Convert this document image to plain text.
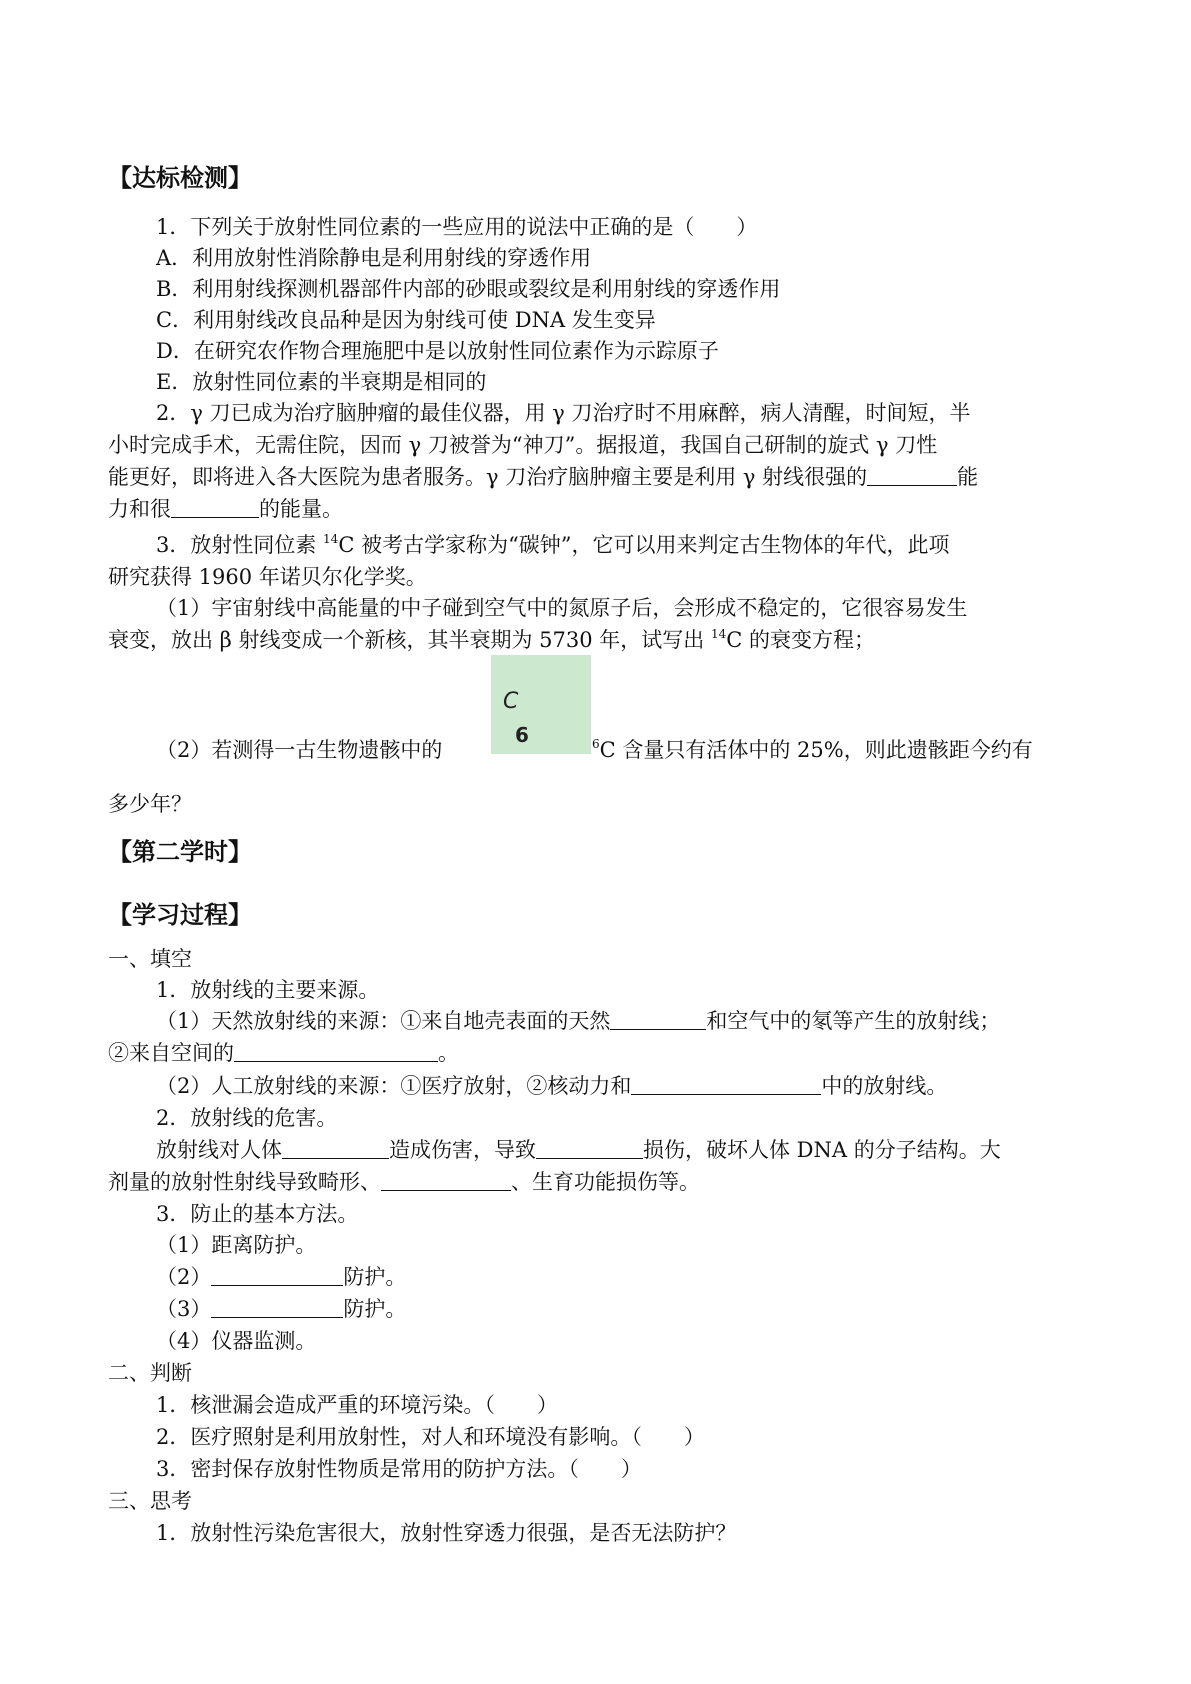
【达标检测】
1．下列关于放射性同位素的一些应用的说法中正确的是（　　）
A．利用放射性消除静电是利用射线的穿透作用
B．利用射线探测机器部件内部的砂眼或裂纹是利用射线的穿透作用
C．利用射线改良品种是因为射线可使 DNA 发生变异
D．在研究农作物合理施肥中是以放射性同位素作为示踪原子
E．放射性同位素的半衰期是相同的
2．γ 刀已成为治疗脑肿瘤的最佳仪器，用 γ 刀治疗时不用麻醉，病人清醒，时间短，半
小时完成手术，无需住院，因而 γ 刀被誉为“神刀”。据报道，我国自己研制的旋式 γ 刀性
能更好，即将进入各大医院为患者服务。γ 刀治疗脑肿瘤主要是利用 γ 射线很强的	能
力和很	的能量。
3．放射性同位素 $^{14}$C 被考古学家称为“碳钟”，它可以用来判定古生物体的年代，此项
研究获得 1960 年诺贝尔化学奖。
（1）宇宙射线中高能量的中子碰到空气中的氮原子后，会形成不稳定的，它很容易发生
衰变，放出 β 射线变成一个新核，其半衰期为 5730 年，试写出 $^{14}$C 的衰变方程；
6
C
（2）若测得一古生物遗骸中的	$^6$C 含量只有活体中的 25%，则此遗骸距今约有
多少年？
【第二学时】
【学习过程】
一、填空
1．放射线的主要来源。
（1）天然放射线的来源：①来自地壳表面的天然	和空气中的氡等产生的放射线；
②来自空间的	。
（2）人工放射线的来源：①医疗放射，②核动力和	中的放射线。
2．放射线的危害。
放射线对人体	造成伤害，导致	损伤，破坏人体 DNA 的分子结构。大
剂量的放射性射线导致畸形、	、生育功能损伤等。
3．防止的基本方法。
（1）距离防护。
（2）	防护。
（3）	防护。
（4）仪器监测。
二、判断
1．核泄漏会造成严重的环境污染。（　　）
2．医疗照射是利用放射性，对人和环境没有影响。（　　）
3．密封保存放射性物质是常用的防护方法。（　　）
三、思考
1．放射性污染危害很大，放射性穿透力很强，是否无法防护？
